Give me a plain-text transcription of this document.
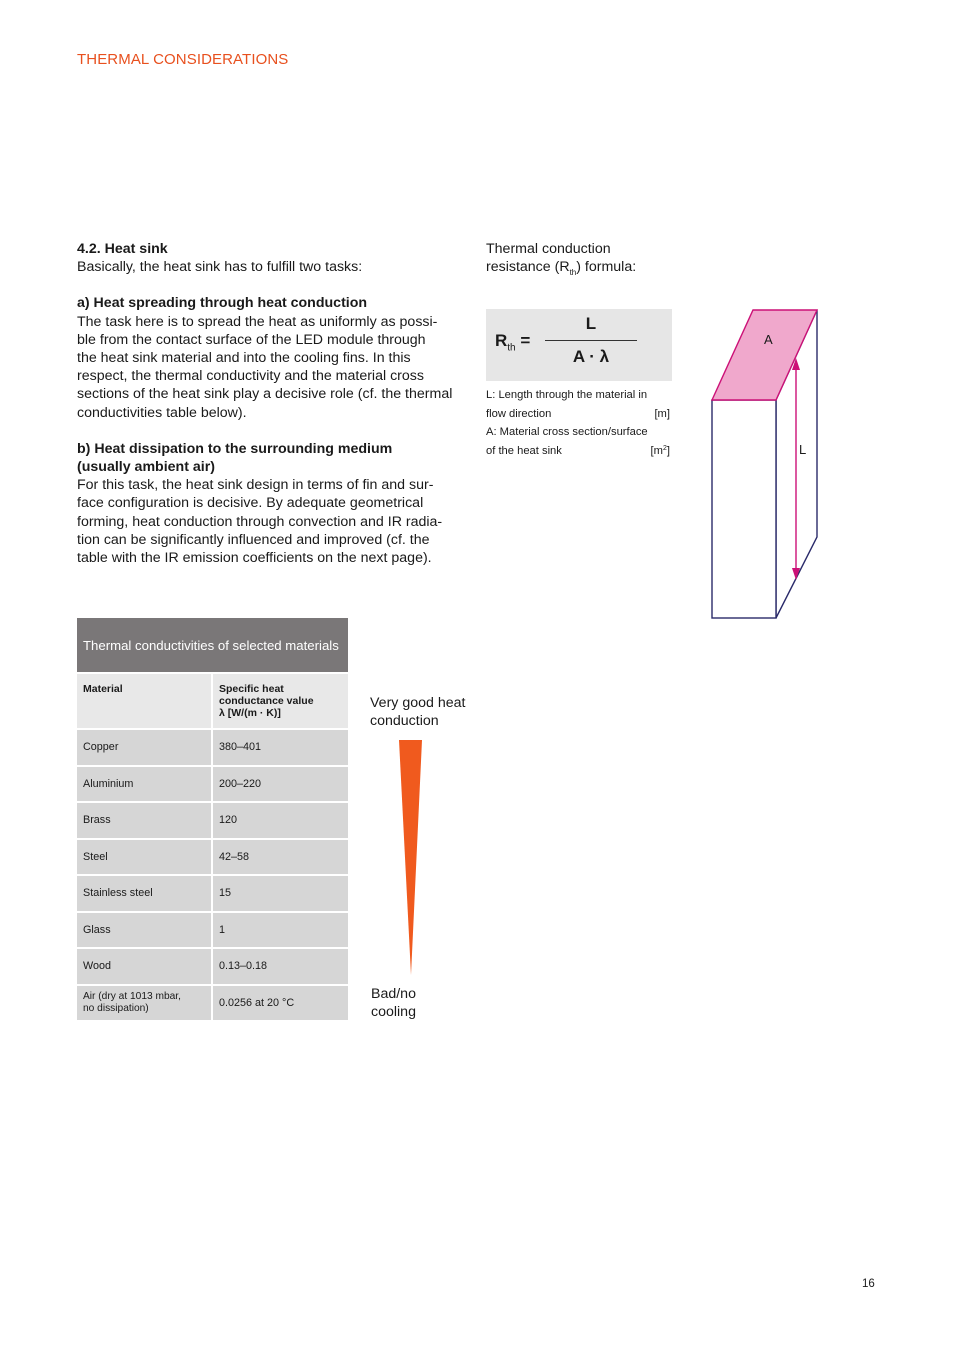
THERMAL CONSIDERATIONS

4.2. Heat sink

Basically, the heat sink has to fulfill two tasks:

a) Heat spreading through heat conduction

The task here is to spread the heat as uniformly as possi-

ble from the contact surface of the LED module through

the heat sink material and into the cooling fins. In this

respect, the thermal conductivity and the material cross

sections of the heat sink play a decisive role (cf. the thermal

conductivities table below).

b) Heat dissipation to the surrounding medium

(usually ambient air)

For this task, the heat sink design in terms of fin and sur-

face configuration is decisive. By adequate geometrical

forming, heat conduction through convection and IR radia-

tion can be significantly influenced and improved (cf. the

table with the IR emission coefficients on the next page).

Thermal conduction
resistance $(R_{th})$ formula:
$R_{th}$ =
L
A · λ
L: Length through the material in
flow direction	[m]
A: Material cross section/surface
of the heat sink	$[m^2]$
A
L
Thermal conductivities of selected materials
Material	Specific heat
conductance value
λ [W/(m · K)]
Copper	380–401
Aluminium	200–220
Brass	120
Steel	42–58
Stainless steel	15
Glass	1
Wood	0.13–0.18
Air (dry at 1013 mbar,
no dissipation)	0.0256 at 20 °C
Very good heat
conduction
Bad/no
cooling
16
